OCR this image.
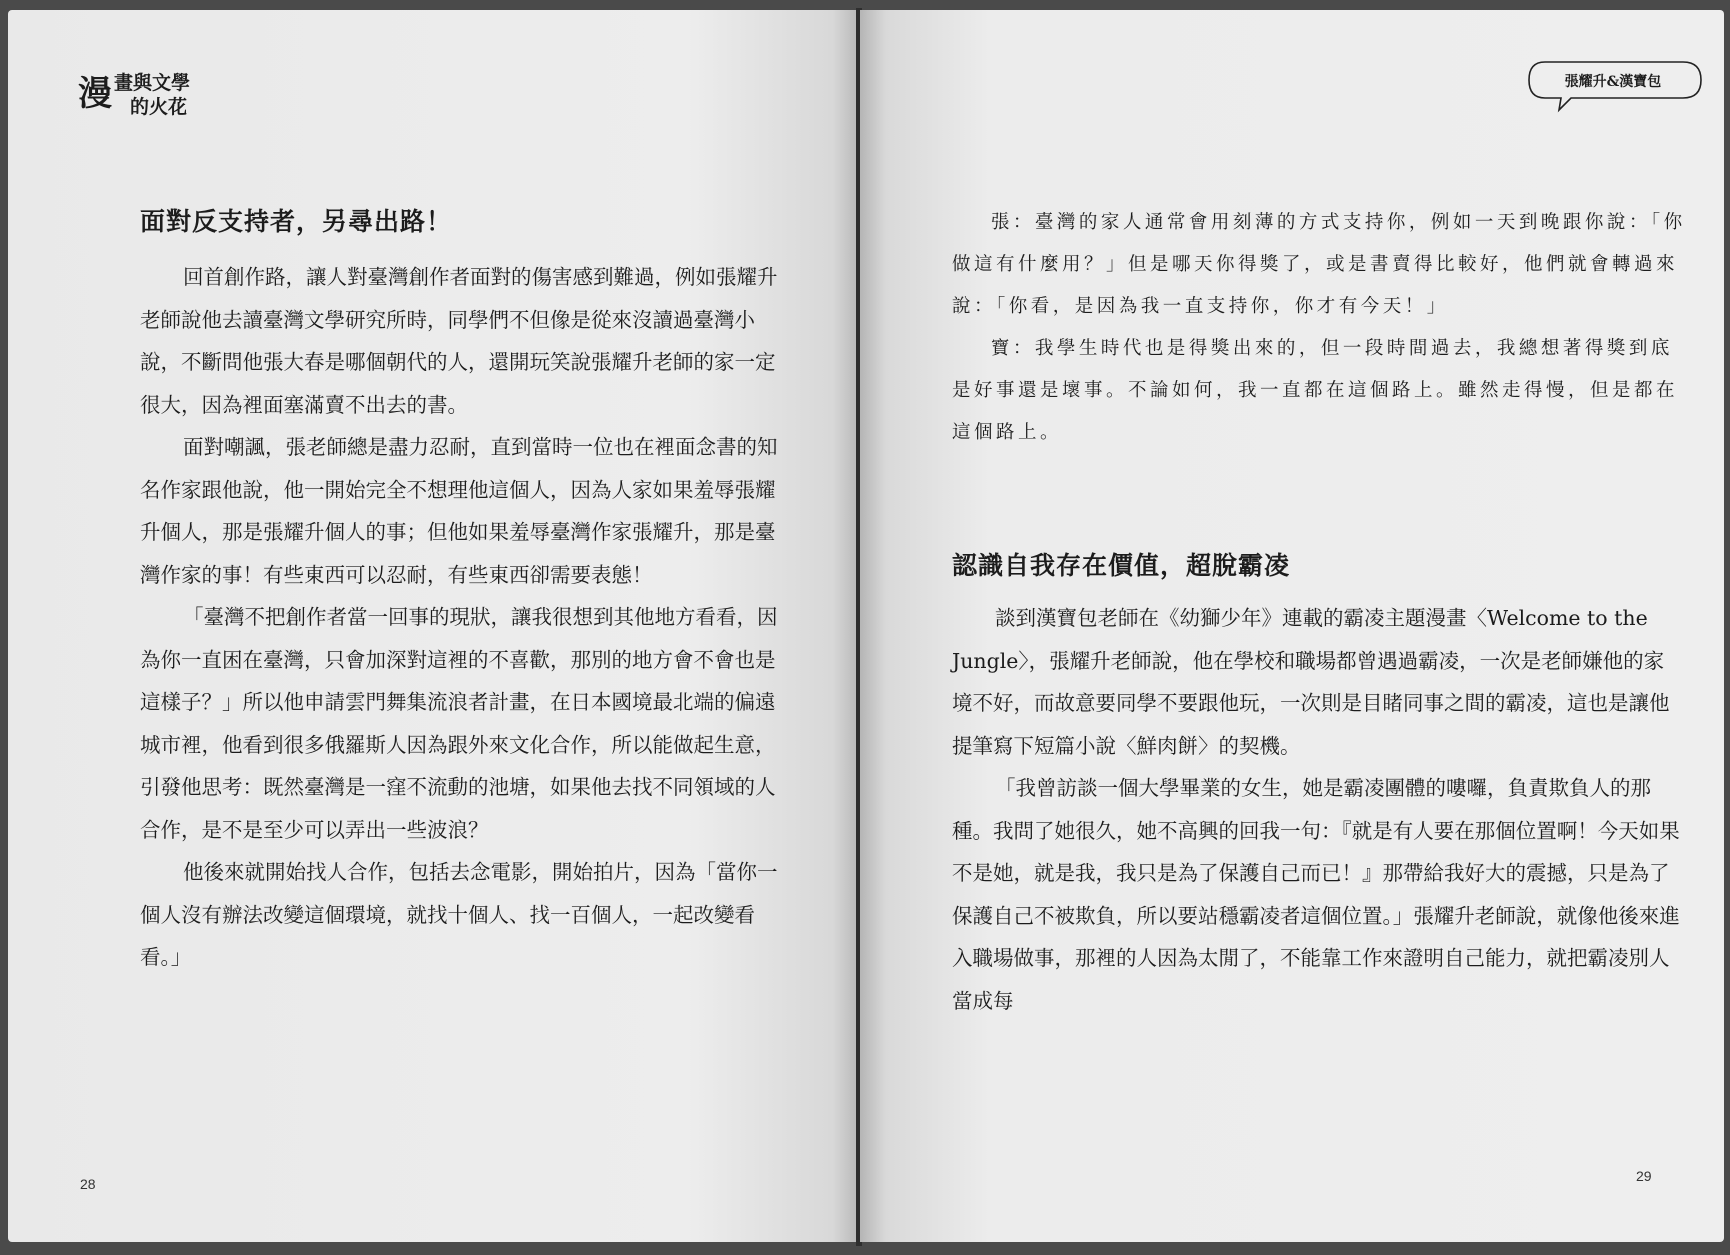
漫 畫與文學
的火花
面對反支持者，另尋出路！

回首創作路，讓人對臺灣創作者面對的傷害感到難過，例如張耀升老師說他去讀臺灣文學研究所時，同學們不但像是從來沒讀過臺灣小說，不斷問他張大春是哪個朝代的人，還開玩笑說張耀升老師的家一定很大，因為裡面塞滿賣不出去的書。

面對嘲諷，張老師總是盡力忍耐，直到當時一位也在裡面念書的知名作家跟他說，他一開始完全不想理他這個人，因為人家如果羞辱張耀升個人，那是張耀升個人的事；但他如果羞辱臺灣作家張耀升，那是臺灣作家的事！有些東西可以忍耐，有些東西卻需要表態！

「臺灣不把創作者當一回事的現狀，讓我很想到其他地方看看，因為你一直困在臺灣，只會加深對這裡的不喜歡，那別的地方會不會也是這樣子？」所以他申請雲門舞集流浪者計畫，在日本國境最北端的偏遠城市裡，他看到很多俄羅斯人因為跟外來文化合作，所以能做起生意，引發他思考：既然臺灣是一窪不流動的池塘，如果他去找不同領域的人合作，是不是至少可以弄出一些波浪？

他後來就開始找人合作，包括去念電影，開始拍片，因為「當你一個人沒有辦法改變這個環境，就找十個人、找一百個人，一起改變看看。」

28
張耀升&漢寶包

張：臺灣的家人通常會用刻薄的方式支持你，例如一天到晚跟你說：「你做這有什麼用？」但是哪天你得獎了，或是書賣得比較好，他們就會轉過來說：「你看，是因為我一直支持你，你才有今天！」

寶：我學生時代也是得獎出來的，但一段時間過去，我總想著得獎到底是好事還是壞事。不論如何，我一直都在這個路上。雖然走得慢，但是都在這個路上。

認識自我存在價值，超脫霸凌

談到漢寶包老師在《幼獅少年》連載的霸凌主題漫畫〈Welcome to the Jungle〉，張耀升老師說，他在學校和職場都曾遇過霸凌，一次是老師嫌他的家境不好，而故意要同學不要跟他玩，一次則是目睹同事之間的霸凌，這也是讓他提筆寫下短篇小說〈鮮肉餅〉的契機。

「我曾訪談一個大學畢業的女生，她是霸凌團體的嘍囉，負責欺負人的那種。我問了她很久，她不高興的回我一句：『就是有人要在那個位置啊！今天如果不是她，就是我，我只是為了保護自己而已！』那帶給我好大的震撼，只是為了保護自己不被欺負，所以要站穩霸凌者這個位置。」張耀升老師說，就像他後來進入職場做事，那裡的人因為太閒了，不能靠工作來證明自己能力，就把霸凌別人當成每

29
